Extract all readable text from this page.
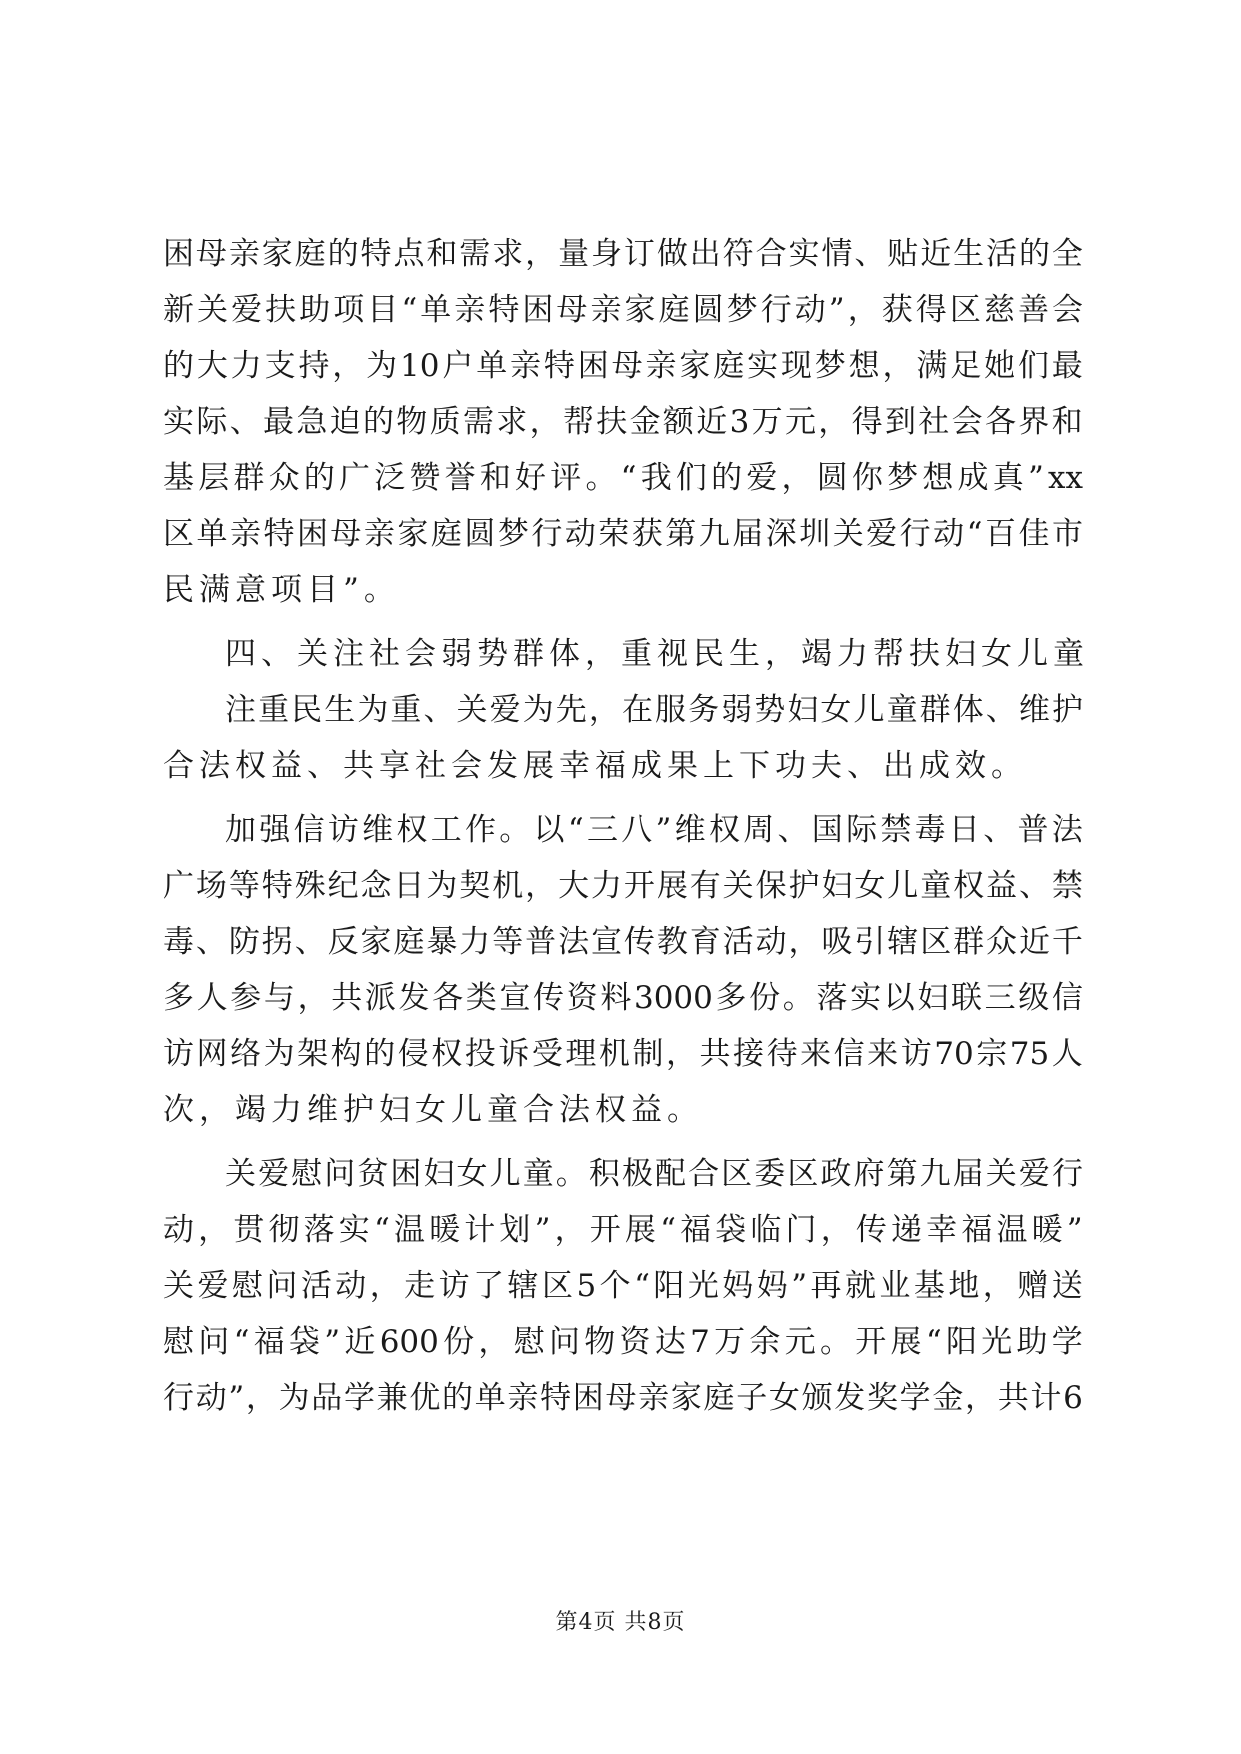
困 母 亲 家 庭 的 特 点 和 需 求 ， 量 身 订 做 出 符 合 实 情 、 贴 近 生 活 的 全
新 关 爱 扶 助 项 目 “ 单 亲 特 困 母 亲 家 庭 圆 梦 行 动 ” ， 获 得 区 慈 善 会
的 大 力 支 持 ， 为 10 户 单 亲 特 困 母 亲 家 庭 实 现 梦 想 ， 满 足 她 们 最
实 际 、 最 急 迫 的 物 质 需 求 ， 帮 扶 金 额 近 3 万 元 ， 得 到 社 会 各 界 和
基 层 群 众 的 广 泛 赞 誉 和 好 评 。 “ 我 们 的 爱 ， 圆 你 梦 想 成 真 ” xx
区 单 亲 特 困 母 亲 家 庭 圆 梦 行 动 荣 获 第 九 届 深 圳 关 爱 行 动 “ 百 佳 市
民满意项目”。
四、关注社会弱势群体，重视民生，竭力帮扶妇女儿童
注 重 民 生 为 重 、 关 爱 为 先 ， 在 服 务 弱 势 妇 女 儿 童 群 体 、 维 护
合法权益、共享社会发展幸福成果上下功夫、出成效。
加 强 信 访 维 权 工 作 。 以 “ 三 八 ” 维 权 周 、 国 际 禁 毒 日 、 普 法
广 场 等 特 殊 纪 念 日 为 契 机 ， 大 力 开 展 有 关 保 护 妇 女 儿 童 权 益 、 禁
毒 、 防 拐 、 反 家 庭 暴 力 等 普 法 宣 传 教 育 活 动 ， 吸 引 辖 区 群 众 近 千
多 人 参 与 ， 共 派 发 各 类 宣 传 资 料 3000 多 份 。 落 实 以 妇 联 三 级 信
访 网 络 为 架 构 的 侵 权 投 诉 受 理 机 制 ， 共 接 待 来 信 来 访 70 宗 75 人
次，竭力维护妇女儿童合法权益。
关 爱 慰 问 贫 困 妇 女 儿 童 。 积 极 配 合 区 委 区 政 府 第 九 届 关 爱 行
动 ， 贯 彻 落 实 “ 温 暖 计 划 ” ， 开 展 “ 福 袋 临 门 ， 传 递 幸 福 温 暖 ”
关 爱 慰 问 活 动 ， 走 访 了 辖 区 5 个 “ 阳 光 妈 妈 ” 再 就 业 基 地 ， 赠 送
慰 问 “ 福 袋 ” 近 600 份 ， 慰 问 物 资 达 7 万 余 元 。 开 展 “ 阳 光 助 学
行 动 ” ， 为 品 学 兼 优 的 单 亲 特 困 母 亲 家 庭 子 女 颁 发 奖 学 金 ， 共 计 6
第4页 共8页
